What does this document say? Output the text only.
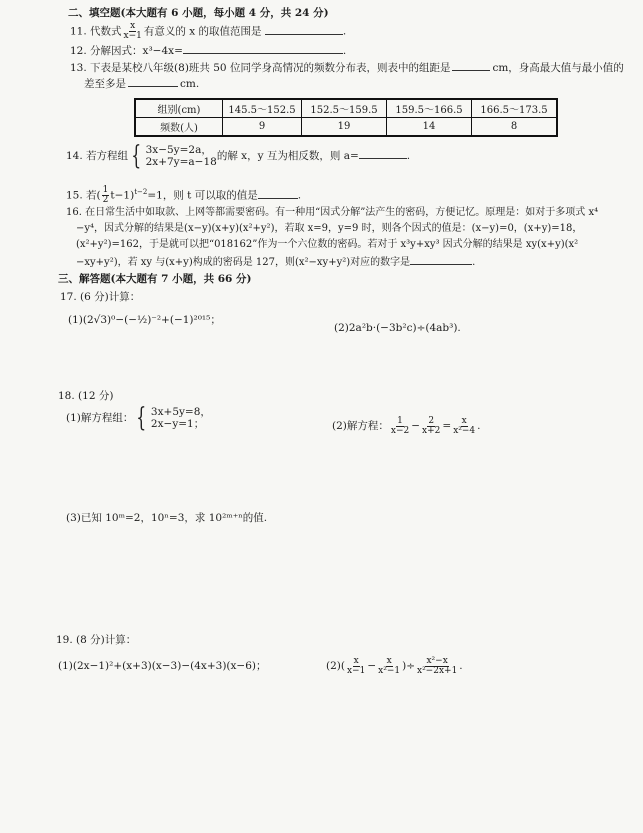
二、填空题(本大题有 6 小题，每小题 4 分，共 24 分)
11. 代数式 $\frac{x}{x-1}$ 有意义的 x 的取值范围是	.
12. 分解因式：x³−4x=	.
13. 下表是某校八年级(8)班共 50 位同学身高情况的频数分布表，则表中的组距是	cm，身高最大值与最小值的
差至多是	cm.
组别(cm)	145.5～152.5	152.5～159.5	159.5～166.5	166.5～173.5
频数(人)	9	19	14	8
14. 若方程组 { 3x−5y=2a，
2x+7y=a−18 的解 x，y 互为相反数，则 a=	.
15. 若( $\frac{1}{2} t-1)^{t-2}=1$，则 t 可以取的值是	.
16. 在日常生活中如取款、上网等都需要密码。有一种用“因式分解”法产生的密码，方便记忆。原理是：如对于多项式 x⁴
−y⁴，因式分解的结果是(x−y)(x+y)(x²+y²)，若取 x=9，y=9 时，则各个因式的值是：(x−y)=0，(x+y)=18，
(x²+y²)=162，于是就可以把“018162”作为一个六位数的密码。若对于 x³y+xy³ 因式分解的结果是 xy(x+y)(x²
−xy+y²)，若 xy 与(x+y)构成的密码是 127，则(x²−xy+y²)对应的数字是	.
三、解答题(本大题有 7 小题，共 66 分)
17. (6 分)计算：
(1)(2√3)⁰−(−½)⁻²+(−1)²⁰¹⁵；
(2)2a²b·(−3b²c)÷(4ab³).
18. (12 分)
(1)解方程组： { 3x+5y=8，
2x−y=1；	(2)解方程： $\frac{1}{x-2} - \frac{2}{x+2} = \frac{x}{\text{x²−4}}$ .
(3)已知 10ᵐ=2，10ⁿ=3，求 10²ᵐ⁺ⁿ的值.
19. (8 分)计算：
(1)(2x−1)²+(x+3)(x−3)−(4x+3)(x−6)；	$(2)( \frac{x}{x-1} - \frac{x}{\text{x²−1}}$ )÷ $\frac{\text{x²−x}}{\text{x²−2x+1}}$ .
